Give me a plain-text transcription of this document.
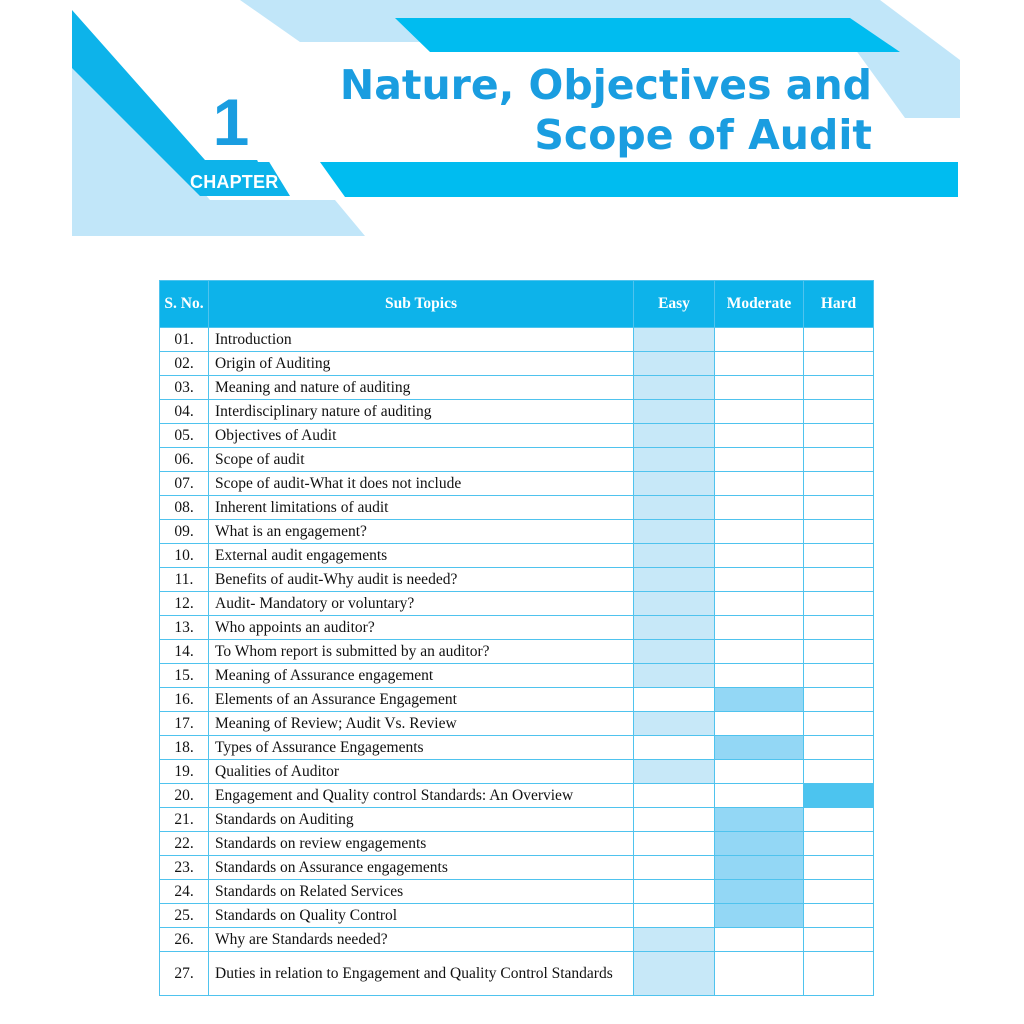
1
CHAPTER
Nature, Objectives and
Scope of Audit
S. No.	Sub Topics	Easy	Moderate	Hard
01.	Introduction			
02.	Origin of Auditing			
03.	Meaning and nature of auditing			
04.	Interdisciplinary nature of auditing			
05.	Objectives of Audit			
06.	Scope of audit			
07.	Scope of audit-What it does not include			
08.	Inherent limitations of audit			
09.	What is an engagement?			
10.	External audit engagements			
11.	Benefits of audit-Why audit is needed?			
12.	Audit- Mandatory or voluntary?			
13.	Who appoints an auditor?			
14.	To Whom report is submitted by an auditor?			
15.	Meaning of Assurance engagement			
16.	Elements of an Assurance Engagement			
17.	Meaning of Review; Audit Vs. Review			
18.	Types of Assurance Engagements			
19.	Qualities of Auditor			
20.	Engagement and Quality control Standards: An Overview			
21.	Standards on Auditing			
22.	Standards on review engagements			
23.	Standards on Assurance engagements			
24.	Standards on Related Services			
25.	Standards on Quality Control			
26.	Why are Standards needed?			
27.	Duties in relation to Engagement and Quality Control Standards			
